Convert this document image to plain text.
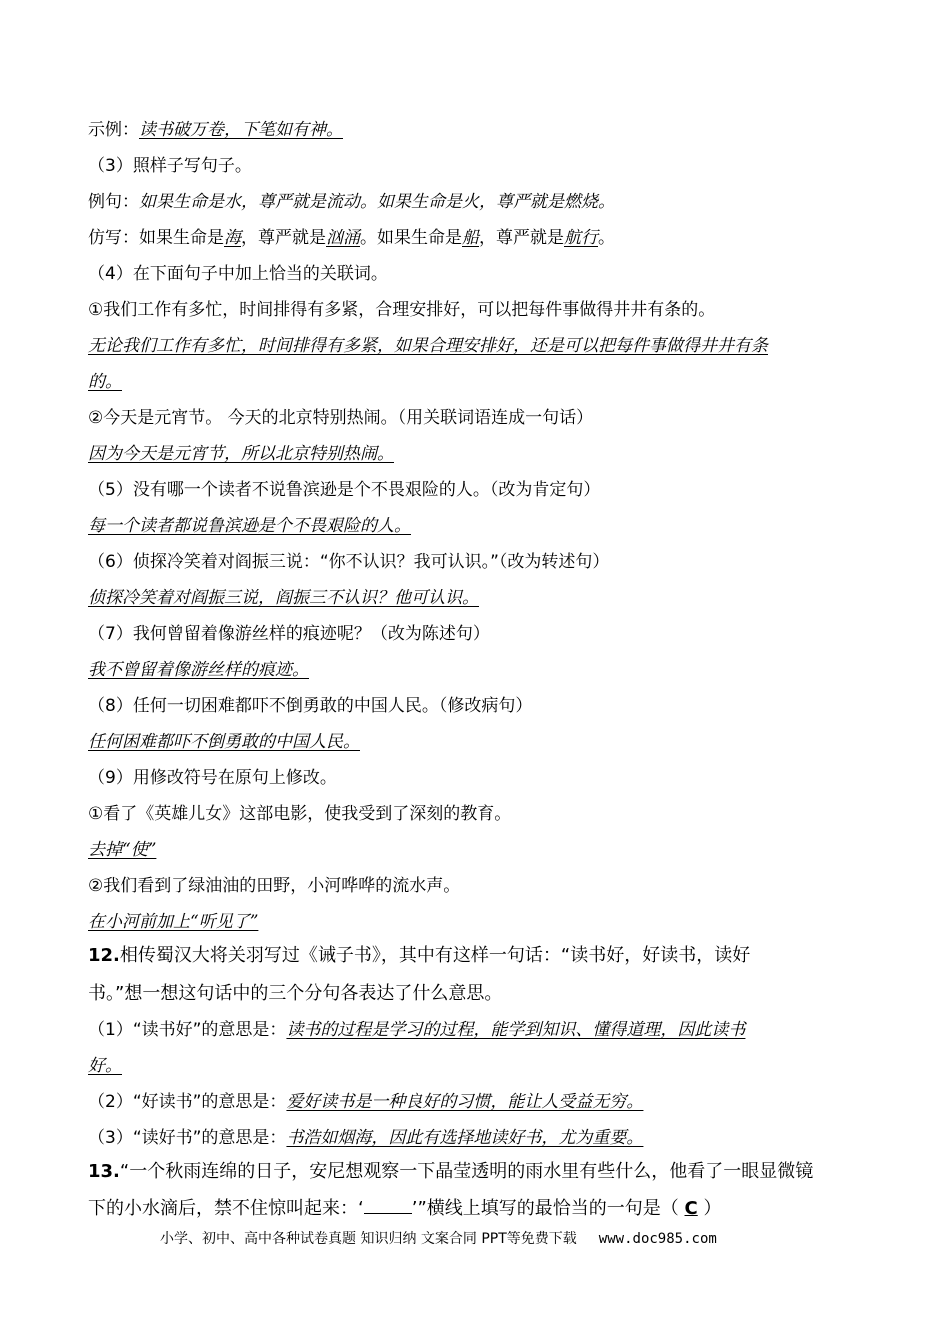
示例：读书破万卷，下笔如有神。
（3）照样子写句子。
例句：如果生命是水，尊严就是流动。如果生命是火，尊严就是燃烧。
仿写：如果生命是海，尊严就是汹涌。如果生命是船，尊严就是航行。
（4）在下面句子中加上恰当的关联词。
①我们工作有多忙，时间排得有多紧，合理安排好，可以把每件事做得井井有条的。
无论我们工作有多忙，时间排得有多紧，如果合理安排好，还是可以把每件事做得井井有条
的。
②今天是元宵节。 今天的北京特别热闹。（用关联词语连成一句话）
因为今天是元宵节，所以北京特别热闹。
（5）没有哪一个读者不说鲁滨逊是个不畏艰险的人。（改为肯定句）
每一个读者都说鲁滨逊是个不畏艰险的人。
（6）侦探冷笑着对阎振三说：“你不认识？我可认识。”（改为转述句）
侦探冷笑着对阎振三说，阎振三不认识？他可认识。
（7）我何曾留着像游丝样的痕迹呢？（改为陈述句）
我不曾留着像游丝样的痕迹。
（8）任何一切困难都吓不倒勇敢的中国人民。（修改病句）
任何困难都吓不倒勇敢的中国人民。
（9）用修改符号在原句上修改。
①看了《英雄儿女》这部电影，使我受到了深刻的教育。
去掉“使”
②我们看到了绿油油的田野，小河哗哗的流水声。
在小河前加上“听见了”
12.相传蜀汉大将关羽写过《诫子书》，其中有这样一句话：“读书好，好读书，读好
书。”想一想这句话中的三个分句各表达了什么意思。
（1）“读书好”的意思是：读书的过程是学习的过程，能学到知识、懂得道理，因此读书
好。
（2）“好读书”的意思是：爱好读书是一种良好的习惯，能让人受益无穷。
（3）“读好书”的意思是：书浩如烟海，因此有选择地读好书，尤为重要。
13.“一个秋雨连绵的日子，安尼想观察一下晶莹透明的雨水里有些什么，他看了一眼显微镜
下的小水滴后，禁不住惊叫起来：‘	’”横线上填写的最恰当的一句是（ C ）
小学、初中、高中各种试卷真题 知识归纳 文案合同 PPT等免费下载 www.doc985.com
